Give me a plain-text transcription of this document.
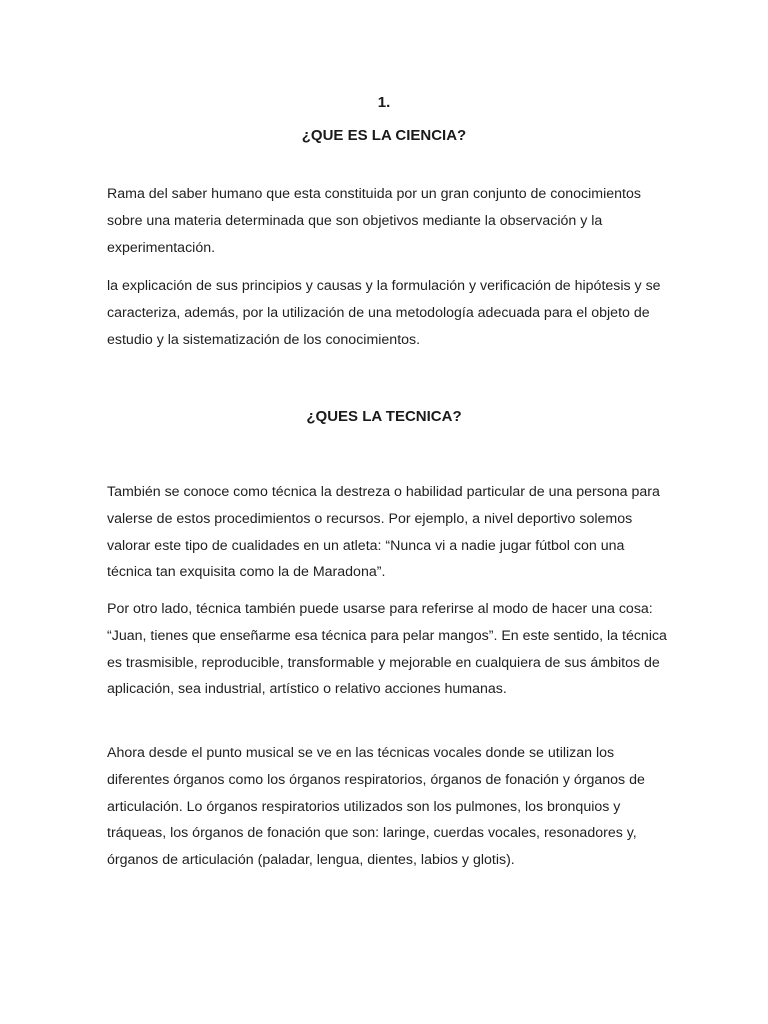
1.
¿QUE ES LA CIENCIA?

Rama del saber humano que esta constituida por un gran conjunto de conocimientos sobre una materia determinada que son objetivos mediante la observación y la experimentación.

la explicación de sus principios y causas y la formulación y verificación de hipótesis y se caracteriza, además, por la utilización de una metodología adecuada para el objeto de estudio y la sistematización de los conocimientos.

¿QUES LA TECNICA?

También se conoce como técnica la destreza o habilidad particular de una persona para valerse de estos procedimientos o recursos. Por ejemplo, a nivel deportivo solemos valorar este tipo de cualidades en un atleta: “Nunca vi a nadie jugar fútbol con una técnica tan exquisita como la de Maradona”.

Por otro lado, técnica también puede usarse para referirse al modo de hacer una cosa: “Juan, tienes que enseñarme esa técnica para pelar mangos”. En este sentido, la técnica es trasmisible, reproducible, transformable y mejorable en cualquiera de sus ámbitos de aplicación, sea industrial, artístico o relativo acciones humanas.

Ahora desde el punto musical se ve en las técnicas vocales donde se utilizan los diferentes órganos como los órganos respiratorios, órganos de fonación y órganos de articulación. Lo órganos respiratorios utilizados son los pulmones, los bronquios y tráqueas, los órganos de fonación que son: laringe, cuerdas vocales, resonadores y, órganos de articulación (paladar, lengua, dientes, labios y glotis).
